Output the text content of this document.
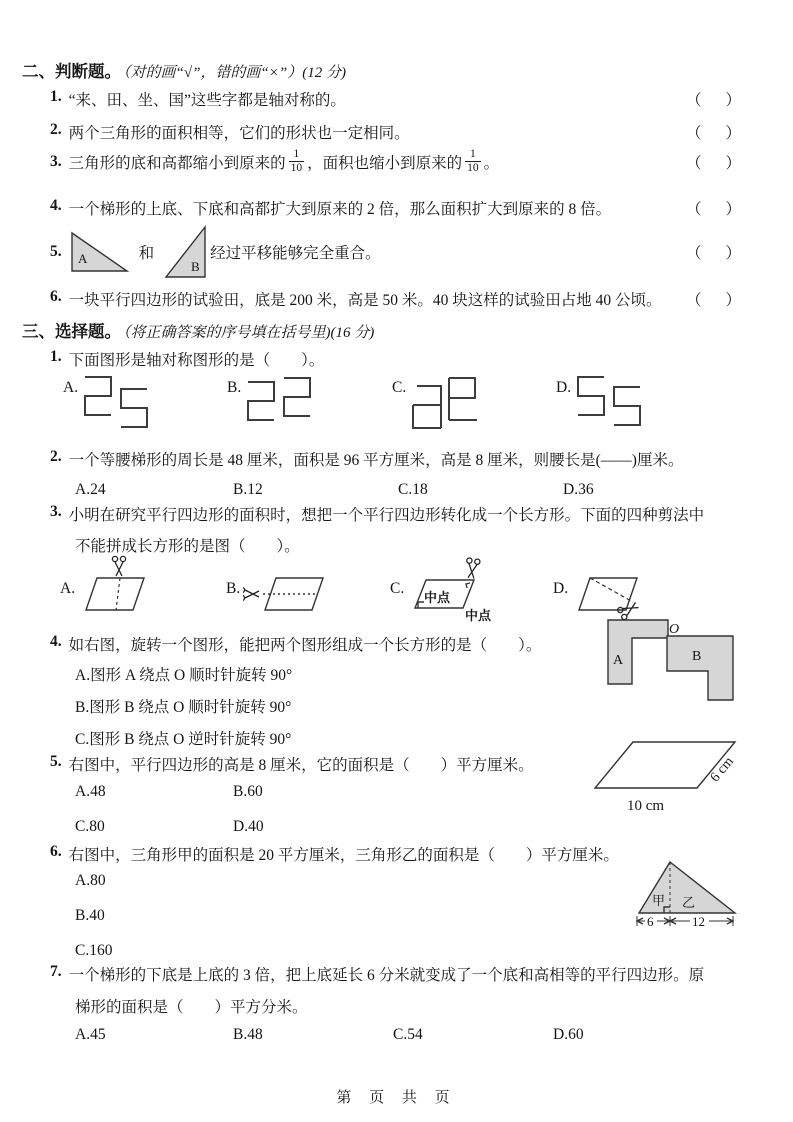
二、判断题。 （对的画“√”，错的画“×”）(12 分)
1. “来、田、坐、国”这些字都是轴对称的。	（ ）
2. 两个三角形的面积相等，它们的形状也一定相同。	（ ）
3. 三角形的底和高都缩小到原来的 $\frac{1}{10}$ ，面积也缩小到原来的 $\frac{1}{10}$ 。	（ ）
4. 一个梯形的上底、下底和高都扩大到原来的 2 倍，那么面积扩大到原来的 8 倍。	（ ）
5. A	和
B
经过平移能够完全重合。	（ ）
6. 一块平行四边形的试验田，底是 200 米，高是 50 米。40 块这样的试验田占地 40 公顷。 （ ）
三、选择题。 （将正确答案的序号填在括号里)(16 分)
1. 下面图形是轴对称图形的是（　　）。
A.	B.	C.	D.
2. 一个等腰梯形的周长是 48 厘米，面积是 96 平方厘米，高是 8 厘米，则腰长是(——)厘米。
A.24	B.12	C.18	D.36
3. 小明在研究平行四边形的面积时，想把一个平行四边形转化成一个长方形。下面的四种剪法中
不能拼成长方形的是图（　　）。
A.	B.	C.
中点
中点
D.
4. 如右图，旋转一个图形，能把两个图形组成一个长方形的是（　　）。
A.图形 A 绕点 O 顺时针旋转 90°
B.图形 B 绕点 O 顺时针旋转 90°
C.图形 B 绕点 O 逆时针旋转 90°
A	B
O
5. 右图中，平行四边形的高是 8 厘米，它的面积是（　　）平方厘米。
A.48	B.60
C.80	D.40
10 cm
6 cm
6. 右图中，三角形甲的面积是 20 平方厘米，三角形乙的面积是（　　）平方厘米。
A.80
B.40
C.160
甲 乙
6	12
7. 一个梯形的下底是上底的 3 倍，把上底延长 6 分米就变成了一个底和高相等的平行四边形。原
梯形的面积是（　　）平方分米。
A.45	B.48	C.54	D.60
第 页 共 页
